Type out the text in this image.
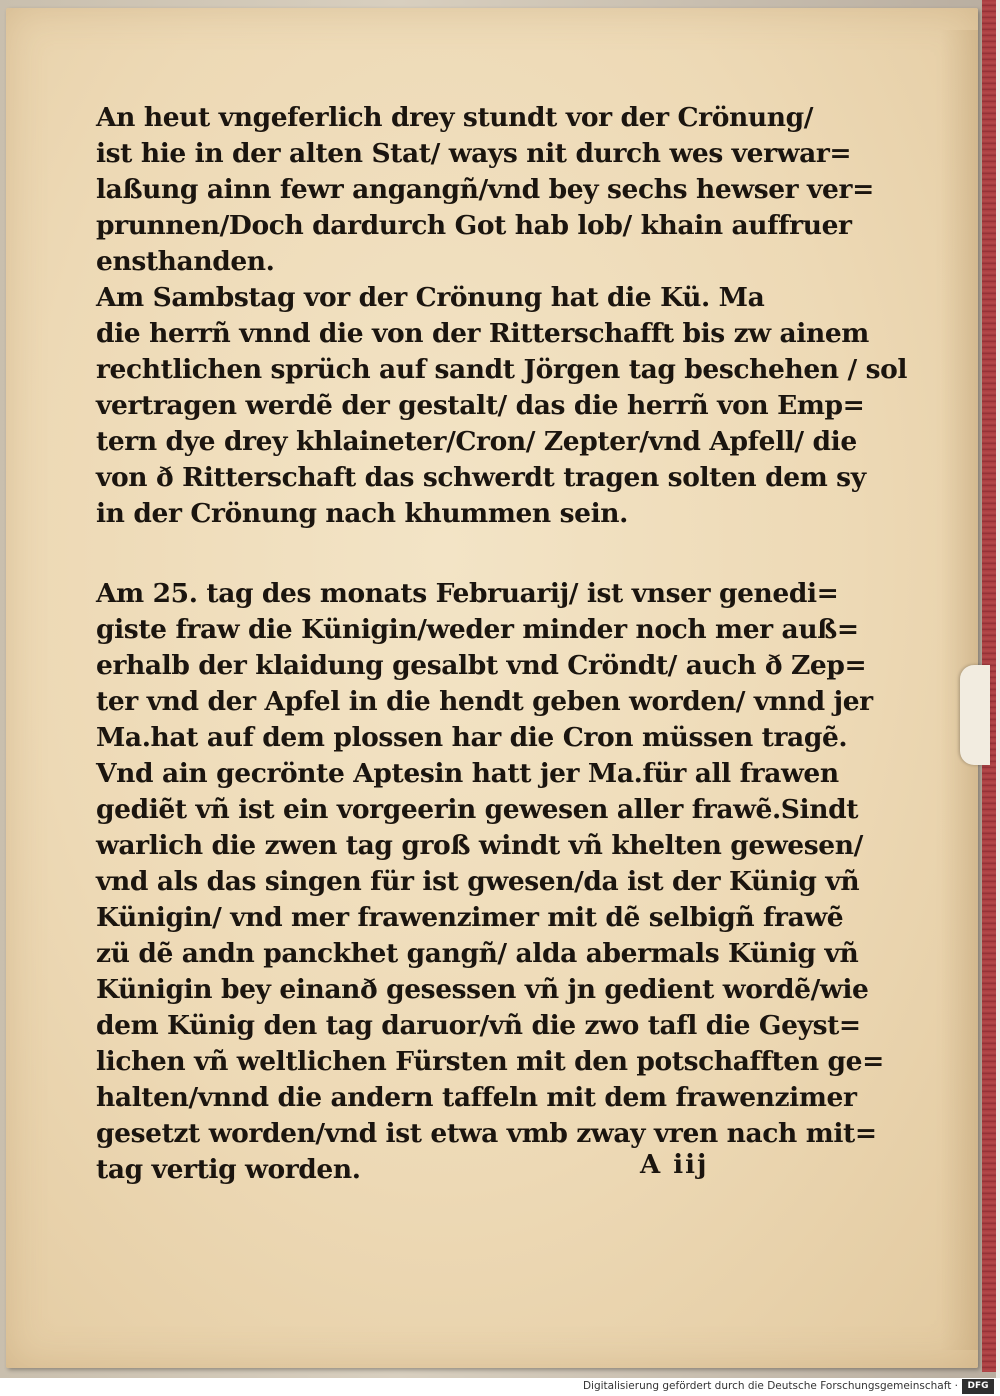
An heut vngeferlich drey stundt vor der Crönung/
ist hie in der alten Stat/ ways nit durch wes verwar=
laßung ainn fewr angangñ/vnd bey sechs hewser ver=
prunnen/Doch dardurch Got hab lob/ khain auffruer
ensthanden.
Am Sambstag vor der Crönung hat die Kü. Ma
die herrñ vnnd die von der Ritterschafft bis zw ainem
rechtlichen sprüch auf sandt Jörgen tag beschehen / sol
vertragen werdẽ der gestalt/ das die herrñ von Emp=
tern dye drey khlaineter/Cron/ Zepter/vnd Apfell/ die
von ð Ritterschaft das schwerdt tragen solten dem sy
in der Crönung nach khummen sein.
Am 25. tag des monats Februarij/ ist vnser genedi=
giste fraw die Künigin/weder minder noch mer auß=
erhalb der klaidung gesalbt vnd Cröndt/ auch ð Zep=
ter vnd der Apfel in die hendt geben worden/ vnnd jer
Ma.hat auf dem plossen har die Cron müssen tragẽ.
Vnd ain gecrönte Aptesin hatt jer Ma.für all frawen
gediẽt vñ ist ein vorgeerin gewesen aller frawẽ.Sindt
warlich die zwen tag groß windt vñ khelten gewesen/
vnd als das singen für ist gwesen/da ist der Künig vñ
Künigin/ vnd mer frawenzimer mit dẽ selbigñ frawẽ
zü dẽ andn panckhet gangñ/ alda abermals Künig vñ
Künigin bey einanð gesessen vñ jn gedient wordẽ/wie
dem Künig den tag daruor/vñ die zwo tafl die Geyst=
lichen vñ weltlichen Fürsten mit den potschafften ge=
halten/vnnd die andern taffeln mit dem frawenzimer
gesetzt worden/vnd ist etwa vmb zway vren nach mit=
tag vertig worden.	A iij
Digitalisierung gefördert durch die Deutsche Forschungsgemeinschaft ·	DFG
